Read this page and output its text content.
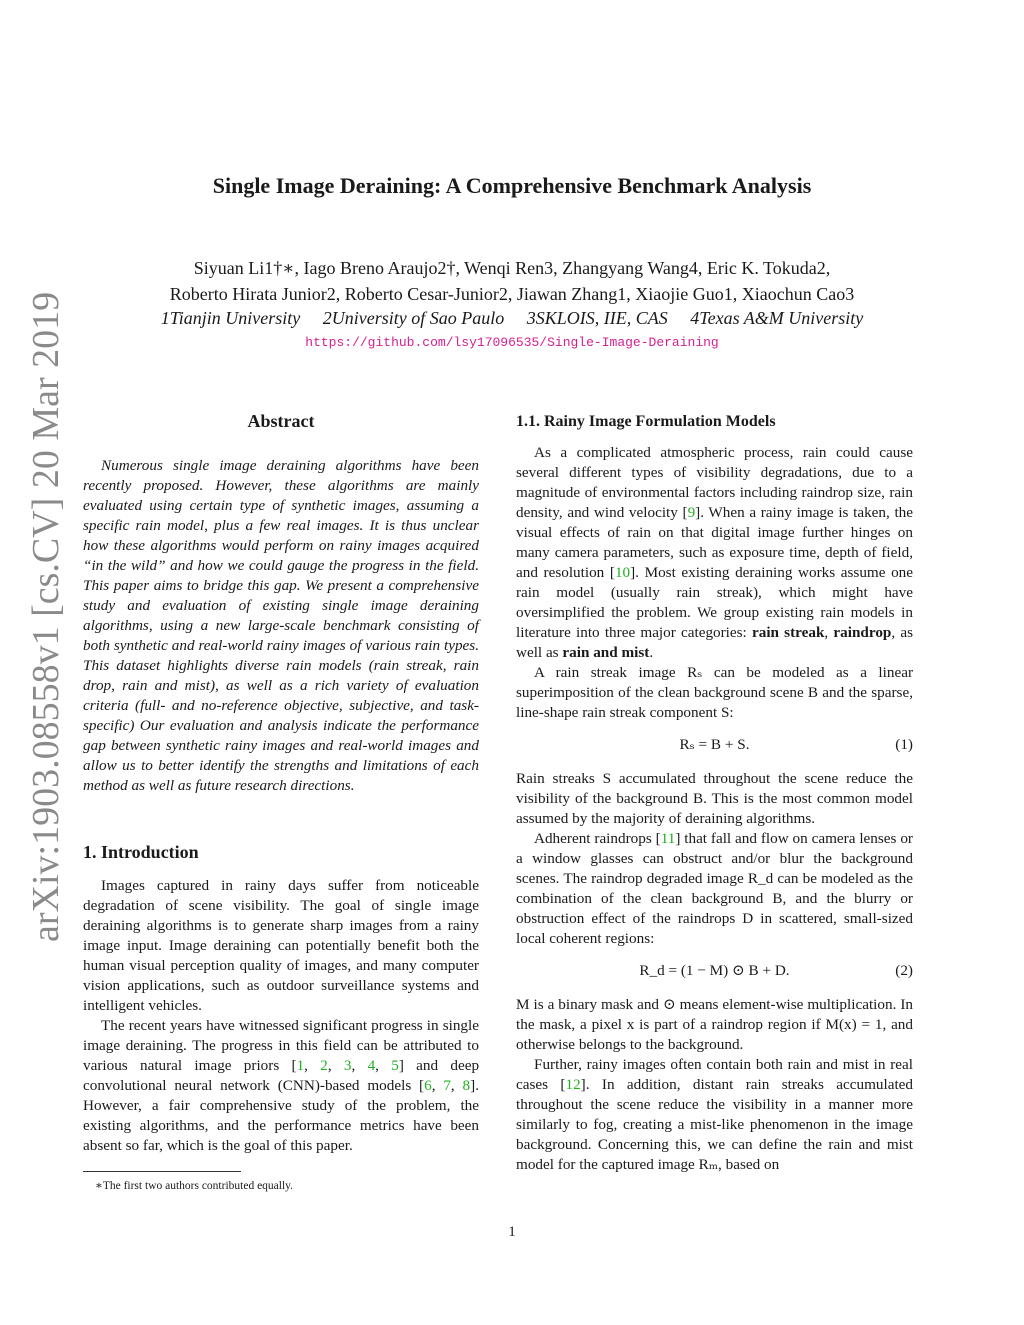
arXiv:1903.08558v1 [cs.CV] 20 Mar 2019
Single Image Deraining: A Comprehensive Benchmark Analysis
Siyuan Li1†∗, Iago Breno Araujo2†, Wenqi Ren3, Zhangyang Wang4, Eric K. Tokuda2,
Roberto Hirata Junior2, Roberto Cesar-Junior2, Jiawan Zhang1, Xiaojie Guo1, Xiaochun Cao3
1Tianjin University 2University of Sao Paulo 3SKLOIS, IIE, CAS 4Texas A&M University
https://github.com/lsy17096535/Single-Image-Deraining
Abstract

Numerous single image deraining algorithms have been recently proposed. However, these algorithms are mainly evaluated using certain type of synthetic images, assuming a specific rain model, plus a few real images. It is thus unclear how these algorithms would perform on rainy images acquired “in the wild” and how we could gauge the progress in the field. This paper aims to bridge this gap. We present a comprehensive study and evaluation of existing single image deraining algorithms, using a new large-scale benchmark consisting of both synthetic and real-world rainy images of various rain types. This dataset highlights diverse rain models (rain streak, rain drop, rain and mist), as well as a rich variety of evaluation criteria (full- and no-reference objective, subjective, and task-specific) Our evaluation and analysis indicate the performance gap between synthetic rainy images and real-world images and allow us to better identify the strengths and limitations of each method as well as future research directions.

1. Introduction

Images captured in rainy days suffer from noticeable degradation of scene visibility. The goal of single image deraining algorithms is to generate sharp images from a rainy image input. Image deraining can potentially benefit both the human visual perception quality of images, and many computer vision applications, such as outdoor surveillance systems and intelligent vehicles.

The recent years have witnessed significant progress in single image deraining. The progress in this field can be attributed to various natural image priors [1, 2, 3, 4, 5] and deep convolutional neural network (CNN)-based models [6, 7, 8]. However, a fair comprehensive study of the problem, the existing algorithms, and the performance metrics have been absent so far, which is the goal of this paper.

∗The first two authors contributed equally.
1.1. Rainy Image Formulation Models

As a complicated atmospheric process, rain could cause several different types of visibility degradations, due to a magnitude of environmental factors including raindrop size, rain density, and wind velocity [9]. When a rainy image is taken, the visual effects of rain on that digital image further hinges on many camera parameters, such as exposure time, depth of field, and resolution [10]. Most existing deraining works assume one rain model (usually rain streak), which might have oversimplified the problem. We group existing rain models in literature into three major categories: rain streak, raindrop, as well as rain and mist.

A rain streak image Rₛ can be modeled as a linear superimposition of the clean background scene B and the sparse, line-shape rain streak component S:

Rₛ = B + S.	(1)

Rain streaks S accumulated throughout the scene reduce the visibility of the background B. This is the most common model assumed by the majority of deraining algorithms.

Adherent raindrops [11] that fall and flow on camera lenses or a window glasses can obstruct and/or blur the background scenes. The raindrop degraded image R_d can be modeled as the combination of the clean background B, and the blurry or obstruction effect of the raindrops D in scattered, small-sized local coherent regions:

R_d = (1 − M) ⊙ B + D.	(2)

M is a binary mask and ⊙ means element-wise multiplication. In the mask, a pixel x is part of a raindrop region if M(x) = 1, and otherwise belongs to the background.

Further, rainy images often contain both rain and mist in real cases [12]. In addition, distant rain streaks accumulated throughout the scene reduce the visibility in a manner more similarly to fog, creating a mist-like phenomenon in the image background. Concerning this, we can define the rain and mist model for the captured image Rₘ, based on

1
